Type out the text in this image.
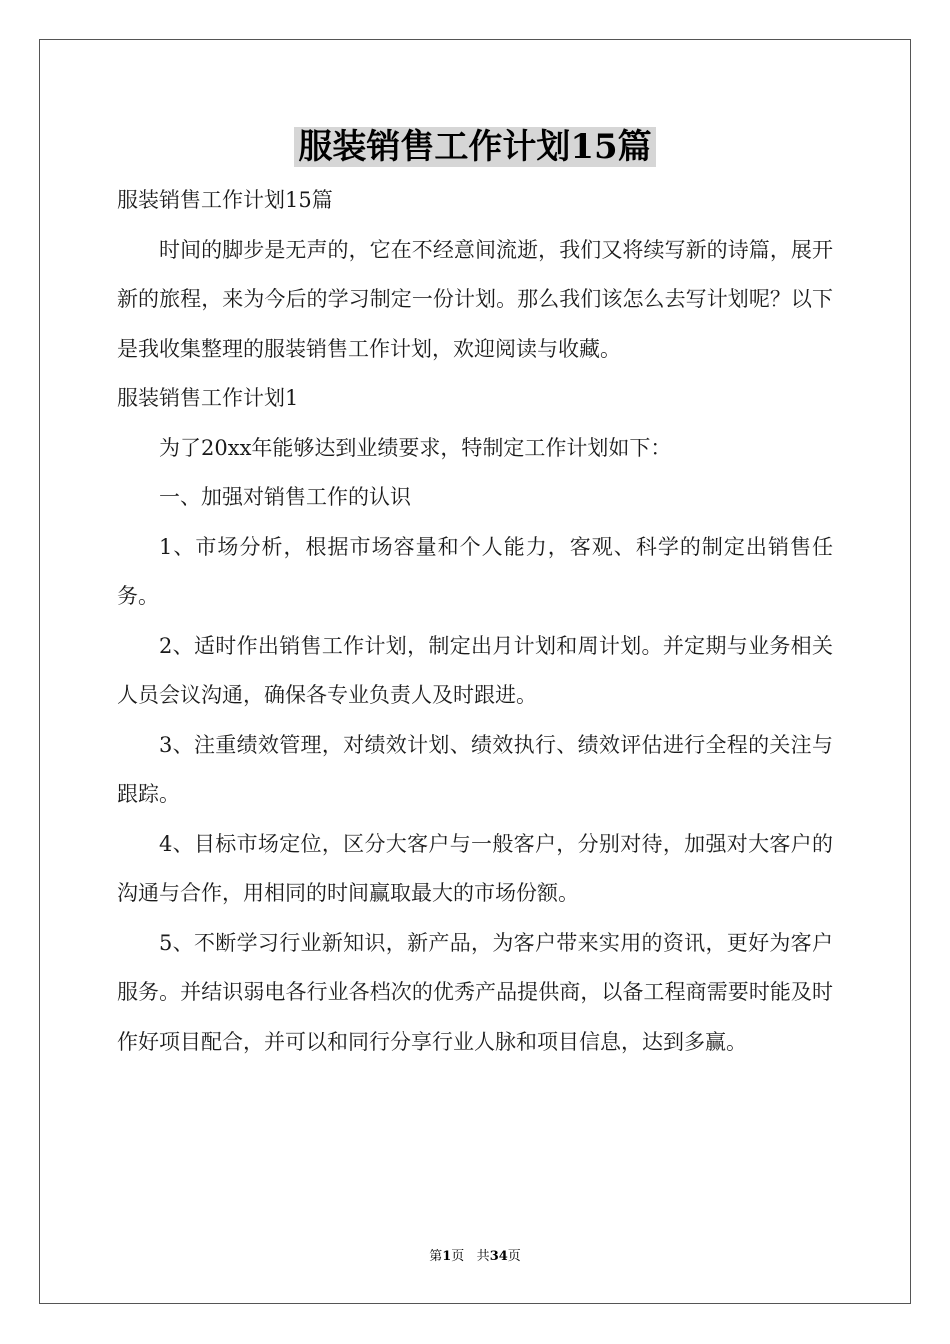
服装销售工作计划15篇

服装销售工作计划15篇

时间的脚步是无声的，它在不经意间流逝，我们又将续写新的诗篇，展开新的旅程，来为今后的学习制定一份计划。那么我们该怎么去写计划呢？以下是我收集整理的服装销售工作计划，欢迎阅读与收藏。

服装销售工作计划1

为了20xx年能够达到业绩要求，特制定工作计划如下：

一、加强对销售工作的认识

1、市场分析，根据市场容量和个人能力，客观、科学的制定出销售任务。

2、适时作出销售工作计划，制定出月计划和周计划。并定期与业务相关人员会议沟通，确保各专业负责人及时跟进。

3、注重绩效管理，对绩效计划、绩效执行、绩效评估进行全程的关注与跟踪。

4、目标市场定位，区分大客户与一般客户，分别对待，加强对大客户的沟通与合作，用相同的时间赢取最大的市场份额。

5、不断学习行业新知识，新产品，为客户带来实用的资讯，更好为客户服务。并结识弱电各行业各档次的优秀产品提供商，以备工程商需要时能及时作好项目配合，并可以和同行分享行业人脉和项目信息，达到多赢。

第1页 共34页
